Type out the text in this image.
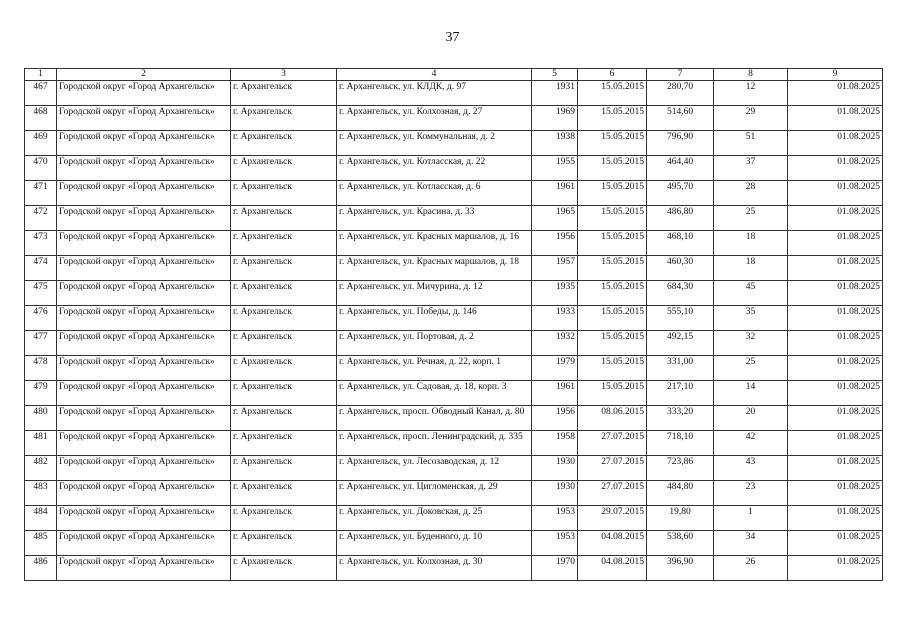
37
1	2	3	4	5	6	7	8	9
467	Городской округ «Город Архангельск»	г. Архангельск	г. Архангельск, ул. КЛДК, д. 97	1931	15.05.2015	280,70	12	01.08.2025
468	Городской округ «Город Архангельск»	г. Архангельск	г. Архангельск, ул. Колхозная, д. 27	1969	15.05.2015	514,60	29	01.08.2025
469	Городской округ «Город Архангельск»	г. Архангельск	г. Архангельск, ул. Коммунальная, д. 2	1938	15.05.2015	796,90	51	01.08.2025
470	Городской округ «Город Архангельск»	г. Архангельск	г. Архангельск, ул. Котласская, д. 22	1955	15.05.2015	464,40	37	01.08.2025
471	Городской округ «Город Архангельск»	г. Архангельск	г. Архангельск, ул. Котласская, д. 6	1961	15.05.2015	495,70	28	01.08.2025
472	Городской округ «Город Архангельск»	г. Архангельск	г. Архангельск, ул. Красина, д. 33	1965	15.05.2015	486,80	25	01.08.2025
473	Городской округ «Город Архангельск»	г. Архангельск	г. Архангельск, ул. Красных маршалов, д. 16	1956	15.05.2015	468,10	18	01.08.2025
474	Городской округ «Город Архангельск»	г. Архангельск	г. Архангельск, ул. Красных маршалов, д. 18	1957	15.05.2015	460,30	18	01.08.2025
475	Городской округ «Город Архангельск»	г. Архангельск	г. Архангельск, ул. Мичурина, д. 12	1935	15.05.2015	684,30	45	01.08.2025
476	Городской округ «Город Архангельск»	г. Архангельск	г. Архангельск, ул. Победы, д. 146	1933	15.05.2015	555,10	35	01.08.2025
477	Городской округ «Город Архангельск»	г. Архангельск	г. Архангельск, ул. Портовая, д. 2	1932	15.05.2015	492,15	32	01.08.2025
478	Городской округ «Город Архангельск»	г. Архангельск	г. Архангельск, ул. Речная, д. 22, корп. 1	1979	15.05.2015	331,00	25	01.08.2025
479	Городской округ «Город Архангельск»	г. Архангельск	г. Архангельск, ул. Садовая, д. 18, корп. 3	1961	15.05.2015	217,10	14	01.08.2025
480	Городской округ «Город Архангельск»	г. Архангельск	г. Архангельск, просп. Обводный Канал, д. 80	1956	08.06.2015	333,20	20	01.08.2025
481	Городской округ «Город Архангельск»	г. Архангельск	г. Архангельск, просп. Ленинградский, д. 335	1958	27.07.2015	718,10	42	01.08.2025
482	Городской округ «Город Архангельск»	г. Архангельск	г. Архангельск, ул. Лесозаводская, д. 12	1930	27.07.2015	723,86	43	01.08.2025
483	Городской округ «Город Архангельск»	г. Архангельск	г. Архангельск, ул. Цигломенская, д. 29	1930	27.07.2015	484,80	23	01.08.2025
484	Городской округ «Город Архангельск»	г. Архангельск	г. Архангельск, ул. Доковская, д. 25	1953	29.07.2015	19,80	1	01.08.2025
485	Городской округ «Город Архангельск»	г. Архангельск	г. Архангельск, ул. Буденного, д. 10	1953	04.08.2015	538,60	34	01.08.2025
486	Городской округ «Город Архангельск»	г. Архангельск	г. Архангельск, ул. Колхозная, д. 30	1970	04.08.2015	396,90	26	01.08.2025
